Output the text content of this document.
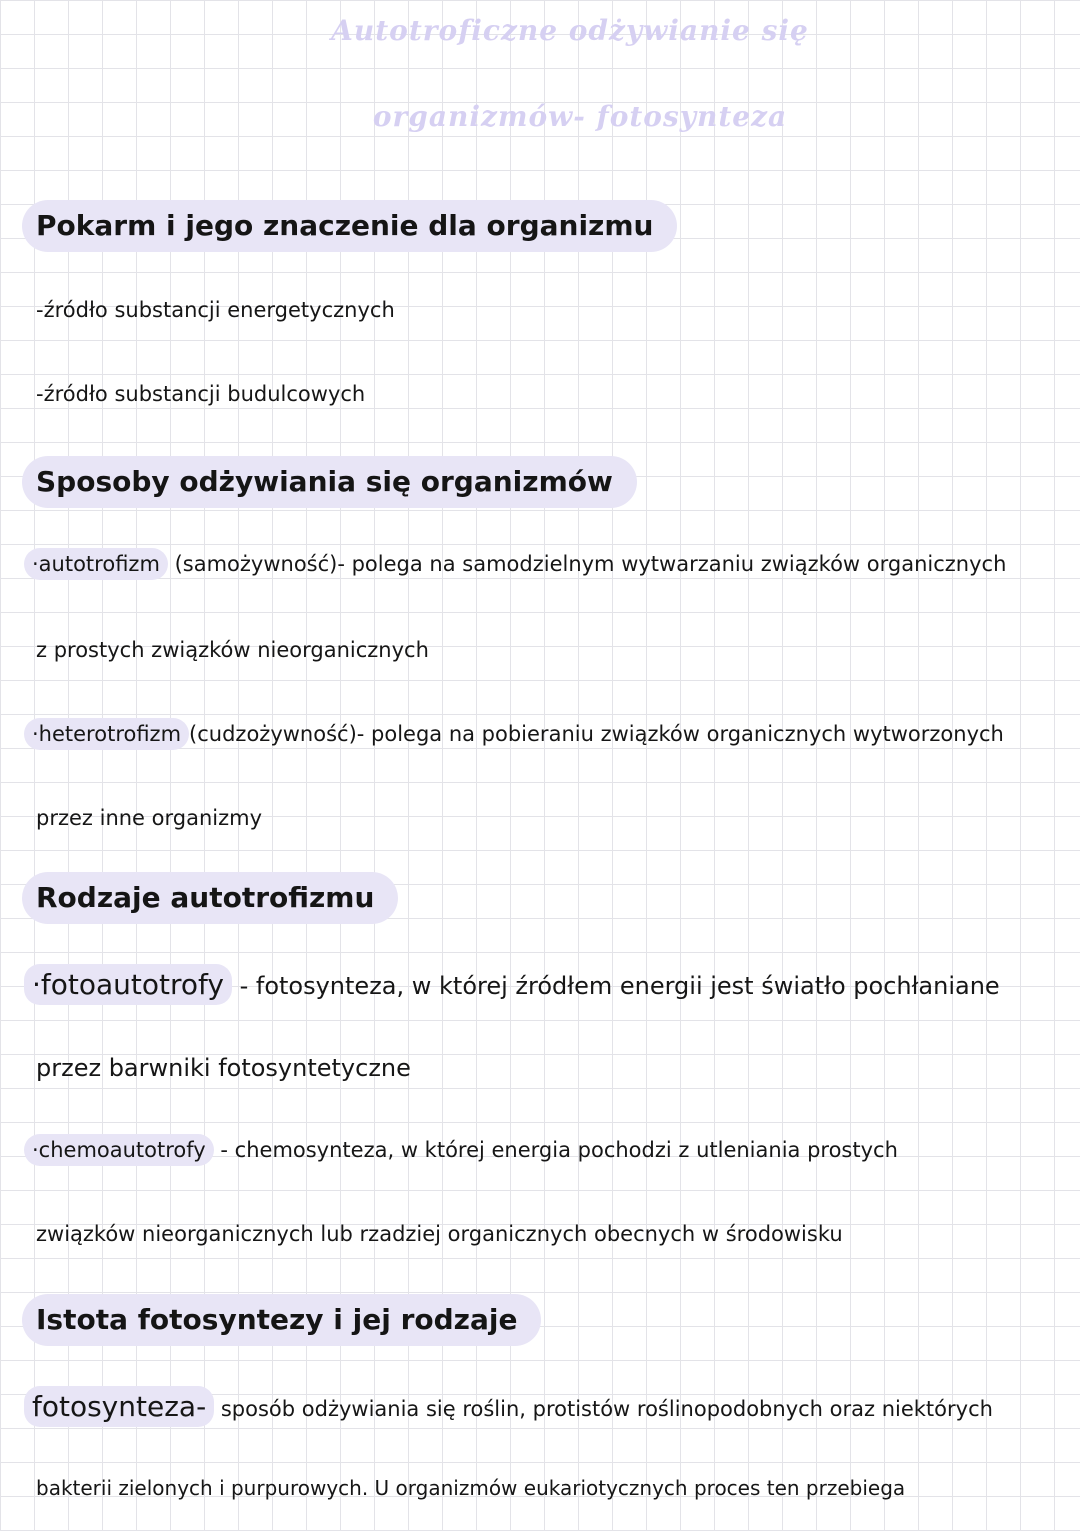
Autotroficzne odżywianie się
organizmów- fotosynteza
Pokarm i jego znaczenie dla organizmu
-źródło substancji energetycznych
-źródło substancji budulcowych
Sposoby odżywiania się organizmów
·autotrofizm (samożywność)- polega na samodzielnym wytwarzaniu związków organicznych
z prostych związków nieorganicznych
·heterotrofizm (cudzożywność)- polega na pobieraniu związków organicznych wytworzonych
przez inne organizmy
Rodzaje autotrofizmu
·fotoautotrofy - fotosynteza, w której źródłem energii jest światło pochłaniane
przez barwniki fotosyntetyczne
·chemoautotrofy - chemosynteza, w której energia pochodzi z utleniania prostych
związków nieorganicznych lub rzadziej organicznych obecnych w środowisku
Istota fotosyntezy i jej rodzaje
fotosynteza- sposób odżywiania się roślin, protistów roślinopodobnych oraz niektórych
bakterii zielonych i purpurowych. U organizmów eukariotycznych proces ten przebiega
